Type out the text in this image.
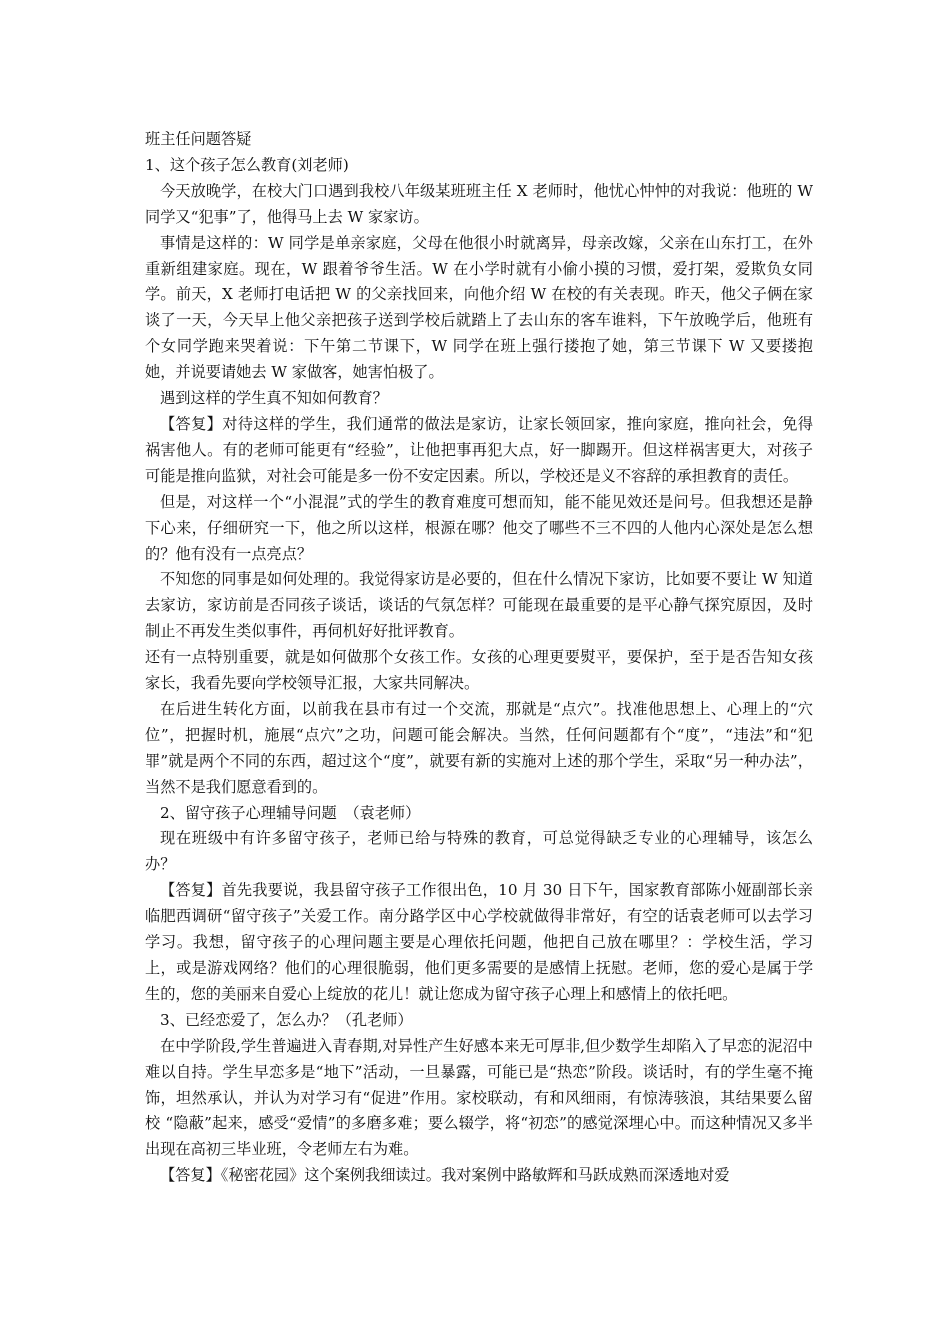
班主任问题答疑

1、这个孩子怎么教育(刘老师)

今天放晚学，在校大门口遇到我校八年级某班班主任 X 老师时，他忧心忡忡的对我说：他班的 W 同学又“犯事”了，他得马上去 W 家家访。

事情是这样的：W 同学是单亲家庭，父母在他很小时就离异，母亲改嫁，父亲在山东打工，在外重新组建家庭。现在，W 跟着爷爷生活。W 在小学时就有小偷小摸的习惯，爱打架，爱欺负女同学。前天，X 老师打电话把 W 的父亲找回来，向他介绍 W 在校的有关表现。昨天，他父子俩在家谈了一天，今天早上他父亲把孩子送到学校后就踏上了去山东的客车谁料，下午放晚学后，他班有个女同学跑来哭着说：下午第二节课下，W 同学在班上强行搂抱了她，第三节课下 W 又要搂抱她，并说要请她去 W 家做客，她害怕极了。

遇到这样的学生真不知如何教育？

【答复】对待这样的学生，我们通常的做法是家访，让家长领回家，推向家庭，推向社会，免得祸害他人。有的老师可能更有“经验”，让他把事再犯大点，好一脚踢开。但这样祸害更大，对孩子可能是推向监狱，对社会可能是多一份不安定因素。所以，学校还是义不容辞的承担教育的责任。

但是，对这样一个“小混混”式的学生的教育难度可想而知，能不能见效还是问号。但我想还是静下心来，仔细研究一下，他之所以这样，根源在哪？他交了哪些不三不四的人他内心深处是怎么想的？他有没有一点亮点？

不知您的同事是如何处理的。我觉得家访是必要的，但在什么情况下家访，比如要不要让 W 知道去家访，家访前是否同孩子谈话，谈话的气氛怎样？可能现在最重要的是平心静气探究原因，及时制止不再发生类似事件，再伺机好好批评教育。

还有一点特别重要，就是如何做那个女孩工作。女孩的心理更要熨平，要保护，至于是否告知女孩家长，我看先要向学校领导汇报，大家共同解决。

在后进生转化方面，以前我在县市有过一个交流，那就是“点穴”。找准他思想上、心理上的“穴位”，把握时机，施展“点穴”之功，问题可能会解决。当然，任何问题都有个“度”，“违法”和“犯罪”就是两个不同的东西，超过这个“度”，就要有新的实施对上述的那个学生，采取“另一种办法”，当然不是我们愿意看到的。

2、留守孩子心理辅导问题　（袁老师）

现在班级中有许多留守孩子，老师已给与特殊的教育，可总觉得缺乏专业的心理辅导，该怎么办？

【答复】首先我要说，我县留守孩子工作很出色，10 月 30 日下午，国家教育部陈小娅副部长亲临肥西调研“留守孩子”关爱工作。南分路学区中心学校就做得非常好，有空的话袁老师可以去学习学习。我想，留守孩子的心理问题主要是心理依托问题，他把自己放在哪里？：学校生活，学习上，或是游戏网络？他们的心理很脆弱，他们更多需要的是感情上抚慰。老师，您的爱心是属于学生的，您的美丽来自爱心上绽放的花儿！就让您成为留守孩子心理上和感情上的依托吧。

3、已经恋爱了，怎么办？（孔老师）

在中学阶段,学生普遍进入青春期,对异性产生好感本来无可厚非,但少数学生却陷入了早恋的泥沼中难以自持。学生早恋多是“地下”活动，一旦暴露，可能已是“热恋”阶段。谈话时，有的学生毫不掩饰，坦然承认，并认为对学习有“促进”作用。家校联动，有和风细雨，有惊涛骇浪，其结果要么留校 “隐蔽”起来，感受“爱情”的多磨多难；要么辍学，将“初恋”的感觉深埋心中。而这种情况又多半出现在高初三毕业班，令老师左右为难。

【答复】《秘密花园》这个案例我细读过。我对案例中路敏辉和马跃成熟而深透地对爱
